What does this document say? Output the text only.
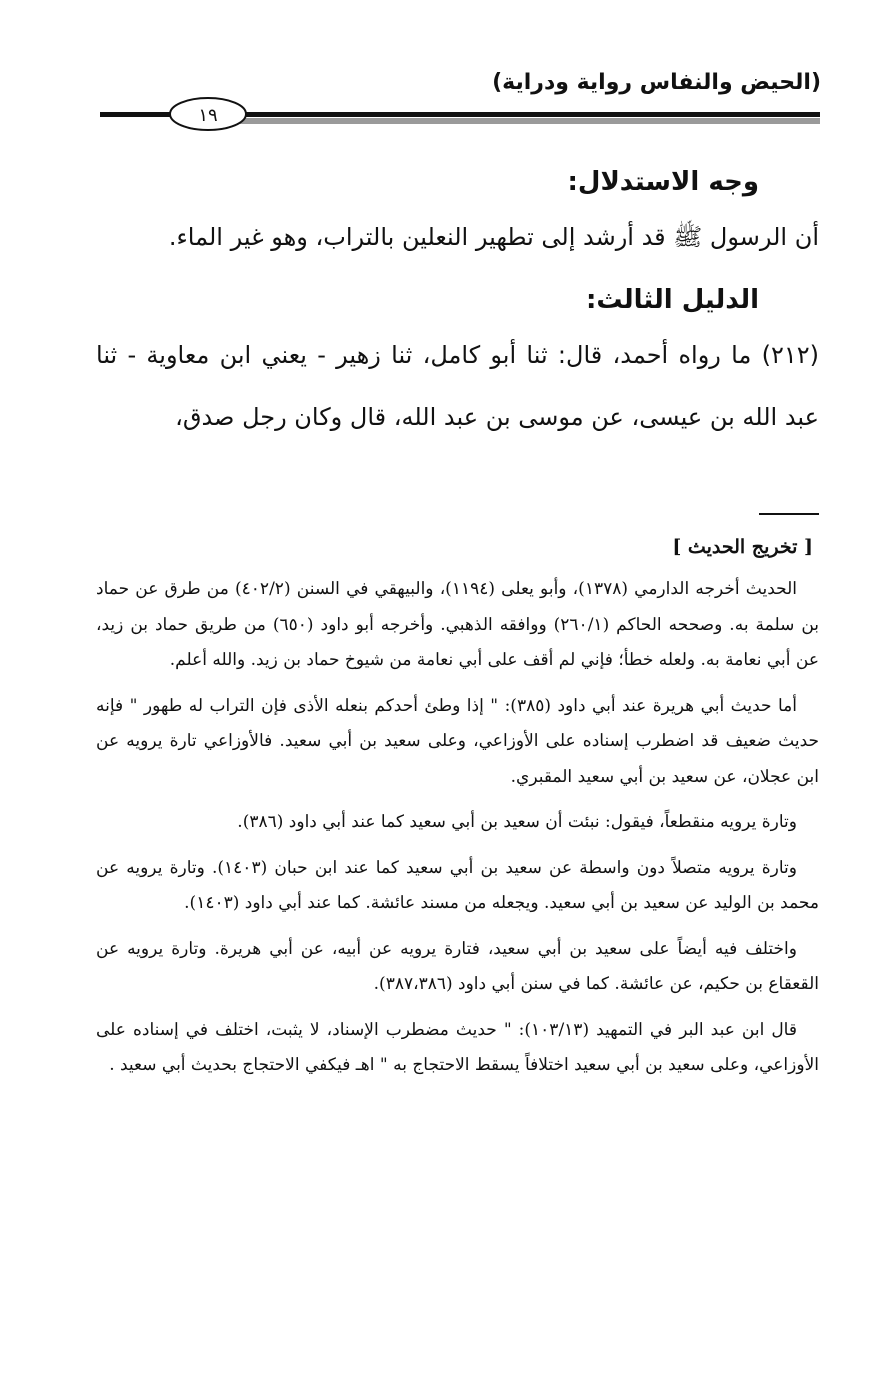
(الحيض والنفاس رواية ودراية)
١٩

وجه الاستدلال:

أن الرسول ﷺ قد أرشد إلى تطهير النعلين بالتراب، وهو غير الماء.

الدليل الثالث:

(٢١٢) ما رواه أحمد، قال: ثنا أبو كامل، ثنا زهير - يعني ابن معاوية - ثنا عبد الله بن عيسى، عن موسى بن عبد الله، قال وكان رجل صدق،

[ تخريج الحديث ]

الحديث أخرجه الدارمي (١٣٧٨)، وأبو يعلى (١١٩٤)، والبيهقي في السنن (٤٠٢/٢) من طرق عن حماد بن سلمة به. وصححه الحاكم (٢٦٠/١) ووافقه الذهبي. وأخرجه أبو داود (٦٥٠) من طريق حماد بن زيد، عن أبي نعامة به. ولعله خطأ؛ فإني لم أقف على أبي نعامة من شيوخ حماد بن زيد. والله أعلم.

أما حديث أبي هريرة عند أبي داود (٣٨٥): " إذا وطئ أحدكم بنعله الأذى فإن التراب له طهور " فإنه حديث ضعيف قد اضطرب إسناده على الأوزاعي، وعلى سعيد بن أبي سعيد. فالأوزاعي تارة يرويه عن ابن عجلان، عن سعيد بن أبي سعيد المقبري.

وتارة يرويه منقطعاً، فيقول: نبئت أن سعيد بن أبي سعيد كما عند أبي داود (٣٨٦).

وتارة يرويه متصلاً دون واسطة عن سعيد بن أبي سعيد كما عند ابن حبان (١٤٠٣). وتارة يرويه عن محمد بن الوليد عن سعيد بن أبي سعيد. ويجعله من مسند عائشة. كما عند أبي داود (١٤٠٣).

واختلف فيه أيضاً على سعيد بن أبي سعيد، فتارة يرويه عن أبيه، عن أبي هريرة. وتارة يرويه عن القعقاع بن حكيم، عن عائشة. كما في سنن أبي داود (٣٨٧،٣٨٦).

قال ابن عبد البر في التمهيد (١٠٣/١٣): " حديث مضطرب الإسناد، لا يثبت، اختلف في إسناده على الأوزاعي، وعلى سعيد بن أبي سعيد اختلافاً يسقط الاحتجاج به " اهـ فيكفي الاحتجاج بحديث أبي سعيد .
